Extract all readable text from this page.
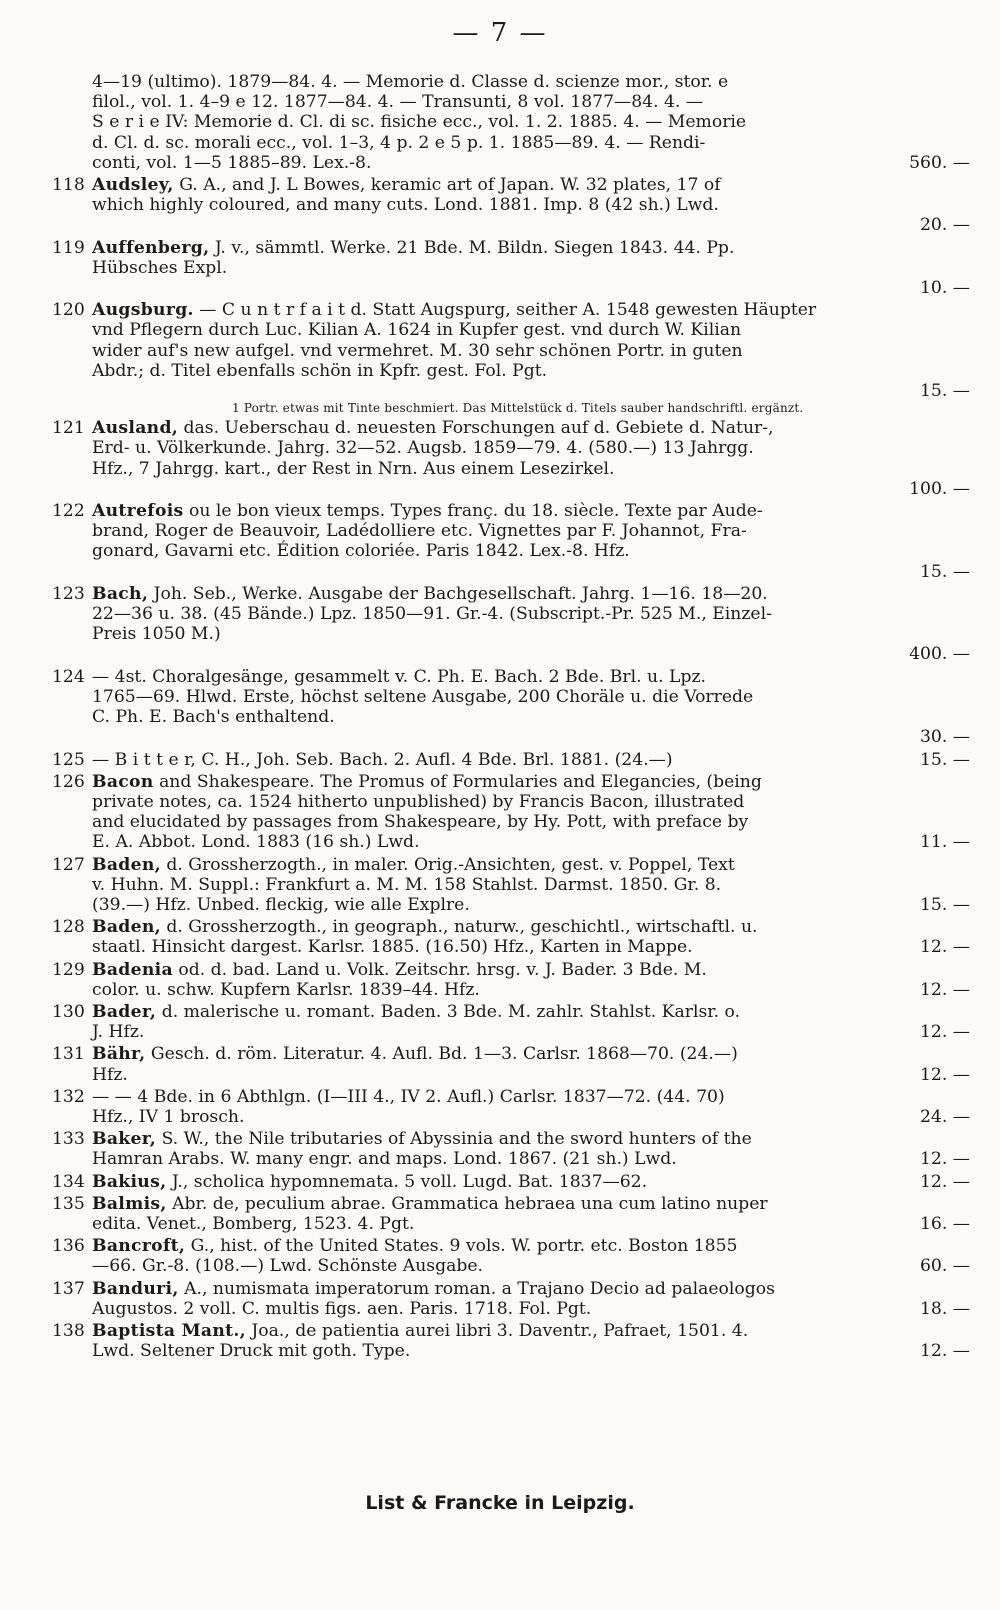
— 7 —
4—19 (ultimo). 1879—84. 4. — Memorie d. Classe d. scienze mor., stor. e
filol., vol. 1. 4–9 e 12. 1877—84. 4. — Transunti, 8 vol. 1877—84. 4. —
S e r i e IV: Memorie d. Cl. di sc. fisiche ecc., vol. 1. 2. 1885. 4. — Memorie
d. Cl. d. sc. morali ecc., vol. 1–3, 4 p. 2 e 5 p. 1. 1885—89. 4. — Rendi-
conti, vol. 1—5 1885–89. Lex.-8.	560. —
118 Audsley, G. A., and J. L Bowes, keramic art of Japan. W. 32 plates, 17 of
which highly coloured, and many cuts. Lond. 1881. Imp. 8 (42 sh.) Lwd.
20. —
119 Auffenberg, J. v., sämmtl. Werke. 21 Bde. M. Bildn. Siegen 1843. 44. Pp.
Hübsches Expl.
10. —
120 Augsburg. — C u n t r f a i t d. Statt Augspurg, seither A. 1548 gewesten Häupter
vnd Pflegern durch Luc. Kilian A. 1624 in Kupfer gest. vnd durch W. Kilian
wider auf's new aufgel. vnd vermehret. M. 30 sehr schönen Portr. in guten
Abdr.; d. Titel ebenfalls schön in Kpfr. gest. Fol. Pgt.
15. —
1 Portr. etwas mit Tinte beschmiert. Das Mittelstück d. Titels sauber handschriftl. ergänzt.
121 Ausland, das. Ueberschau d. neuesten Forschungen auf d. Gebiete d. Natur-,
Erd- u. Völkerkunde. Jahrg. 32—52. Augsb. 1859—79. 4. (580.—) 13 Jahrgg.
Hfz., 7 Jahrgg. kart., der Rest in Nrn. Aus einem Lesezirkel.
100. —
122 Autrefois ou le bon vieux temps. Types franç. du 18. siècle. Texte par Aude-
brand, Roger de Beauvoir, Ladédolliere etc. Vignettes par F. Johannot, Fra-
gonard, Gavarni etc. Édition coloriée. Paris 1842. Lex.-8. Hfz.
15. —
123 Bach, Joh. Seb., Werke. Ausgabe der Bachgesellschaft. Jahrg. 1—16. 18—20.
22—36 u. 38. (45 Bände.) Lpz. 1850—91. Gr.-4. (Subscript.-Pr. 525 M., Einzel-
Preis 1050 M.)
400. —
124 — 4st. Choralgesänge, gesammelt v. C. Ph. E. Bach. 2 Bde. Brl. u. Lpz.
1765—69. Hlwd. Erste, höchst seltene Ausgabe, 200 Choräle u. die Vorrede
C. Ph. E. Bach's enthaltend.
30. —
125 — B i t t e r, C. H., Joh. Seb. Bach. 2. Aufl. 4 Bde. Brl. 1881. (24.—)	15. —
126 Bacon and Shakespeare. The Promus of Formularies and Elegancies, (being
private notes, ca. 1524 hitherto unpublished) by Francis Bacon, illustrated
and elucidated by passages from Shakespeare, by Hy. Pott, with preface by
E. A. Abbot. Lond. 1883 (16 sh.) Lwd.	11. —
127 Baden, d. Grossherzogth., in maler. Orig.-Ansichten, gest. v. Poppel, Text
v. Huhn. M. Suppl.: Frankfurt a. M. M. 158 Stahlst. Darmst. 1850. Gr. 8.
(39.—) Hfz. Unbed. fleckig, wie alle Explre.	15. —
128 Baden, d. Grossherzogth., in geograph., naturw., geschichtl., wirtschaftl. u.
staatl. Hinsicht dargest. Karlsr. 1885. (16.50) Hfz., Karten in Mappe.	12. —
129 Badenia od. d. bad. Land u. Volk. Zeitschr. hrsg. v. J. Bader. 3 Bde. M.
color. u. schw. Kupfern Karlsr. 1839–44. Hfz.	12. —
130 Bader, d. malerische u. romant. Baden. 3 Bde. M. zahlr. Stahlst. Karlsr. o.
J. Hfz.	12. —
131 Bähr, Gesch. d. röm. Literatur. 4. Aufl. Bd. 1—3. Carlsr. 1868—70. (24.—)
Hfz.	12. —
132 — — 4 Bde. in 6 Abthlgn. (I—III 4., IV 2. Aufl.) Carlsr. 1837—72. (44. 70)
Hfz., IV 1 brosch.	24. —
133 Baker, S. W., the Nile tributaries of Abyssinia and the sword hunters of the
Hamran Arabs. W. many engr. and maps. Lond. 1867. (21 sh.) Lwd.	12. —
134 Bakius, J., scholica hypomnemata. 5 voll. Lugd. Bat. 1837—62.	12. —
135 Balmis, Abr. de, peculium abrae. Grammatica hebraea una cum latino nuper
edita. Venet., Bomberg, 1523. 4. Pgt.	16. —
136 Bancroft, G., hist. of the United States. 9 vols. W. portr. etc. Boston 1855
—66. Gr.-8. (108.—) Lwd. Schönste Ausgabe.	60. —
137 Banduri, A., numismata imperatorum roman. a Trajano Decio ad palaeologos
Augustos. 2 voll. C. multis figs. aen. Paris. 1718. Fol. Pgt.	18. —
138 Baptista Mant., Joa., de patientia aurei libri 3. Daventr., Pafraet, 1501. 4.
Lwd. Seltener Druck mit goth. Type.	12. —
List & Francke in Leipzig.
